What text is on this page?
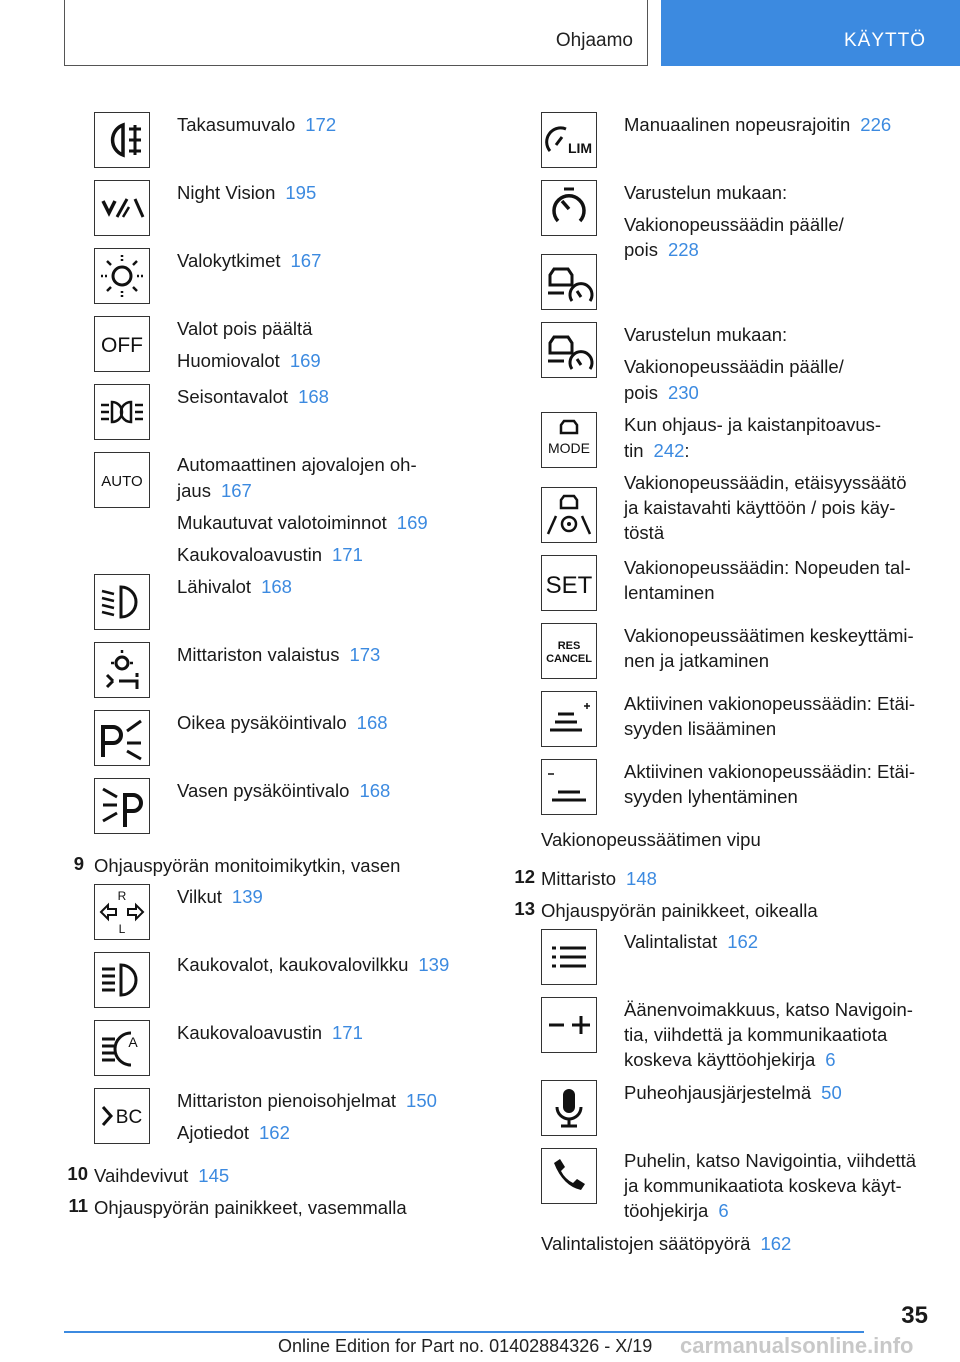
Ohjaamo	KÄYTTÖ
Takasumuvalo 172
Night Vision 195
Valokytkimet 167
OFF
Valot pois päältä
Huomiovalot 169
Seisontavalot 168
AUTO
Automaattinen ajovalojen oh-
jaus 167
Mukautuvat valotoiminnot 169
Kaukovaloavustin 171
Lähivalot 168
Mittariston valaistus 173
Oikea pysäköintivalo 168
Vasen pysäköintivalo 168
9 Ohjauspyörän monitoimikytkin, vasen
R
L
Vilkut 139
Kaukovalot, kaukovalovilkku 139
A Kaukovaloavustin 171
BC
Mittariston pienoisohjelmat 150
Ajotiedot 162
10 Vaihdevivut 145
11 Ohjauspyörän painikkeet, vasemmalla
LIM
Manuaalinen nopeusrajoitin 226
Varustelun mukaan:
Vakionopeussäädin päälle/
pois 228
Varustelun mukaan:
Vakionopeussäädin päälle/
pois 230
MODE
Kun ohjaus- ja kaistanpitoavus-
tin 242:
Vakionopeussäädin, etäisyyssäätö
ja kaistavahti käyttöön / pois käy-
töstä
SET
Vakionopeussäädin: Nopeuden tal-
lentaminen
RES
CANCEL
Vakionopeussäätimen keskeyttämi-
nen ja jatkaminen
Aktiivinen vakionopeussäädin: Etäi-
syyden lisääminen
Aktiivinen vakionopeussäädin: Etäi-
syyden lyhentäminen
Vakionopeussäätimen vipu
12 Mittaristo 148
13 Ohjauspyörän painikkeet, oikealla
Valintalistat 162
Äänenvoimakkuus, katso Navigoin-
tia, viihdettä ja kommunikaatiota
koskeva käyttöohjekirja 6
Puheohjausjärjestelmä 50
Puhelin, katso Navigointia, viihdettä
ja kommunikaatiota koskeva käyt-
töohjekirja 6
Valintalistojen säätöpyörä 162
35
Online Edition for Part no. 01402884326 - X/19 carmanualsonline.info
